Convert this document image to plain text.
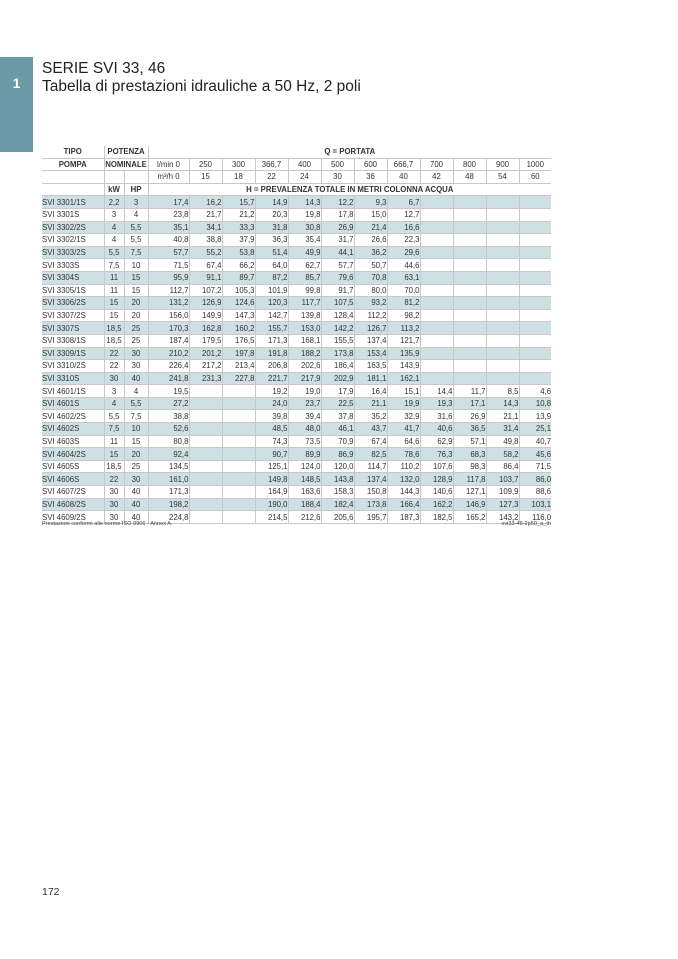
1
SERIE SVI 33, 46
Tabella di prestazioni idrauliche a 50 Hz, 2 poli
TIPO	POTENZA		Q = PORTATA											
POMPA	NOMINALE		l/min 0	250	300	366,7	400	500	600	666,7	700	800	900	1000
			m³/h 0	15	18	22	24	30	36	40	42	48	54	60
	kW	HP	H = PREVALENZA TOTALE IN METRI COLONNA ACQUA											
SVI 3301/1S	2,2	3	17,4	16,2	15,7	14,9	14,3	12,2	9,3	6,7				
SVI 3301S	3	4	23,8	21,7	21,2	20,3	19,8	17,8	15,0	12,7				
SVI 3302/2S	4	5,5	35,1	34,1	33,3	31,8	30,8	26,9	21,4	16,6				
SVI 3302/1S	4	5,5	40,8	38,8	37,9	36,3	35,4	31,7	26,6	22,3				
SVI 3303/2S	5,5	7,5	57,7	55,2	53,8	51,4	49,9	44,1	36,2	29,6				
SVI 3303S	7,5	10	71,5	67,4	66,2	64,0	62,7	57,7	50,7	44,6				
SVI 3304S	11	15	95,9	91,1	89,7	87,2	85,7	79,6	70,8	63,1				
SVI 3305/1S	11	15	112,7	107,2	105,3	101,9	99,8	91,7	80,0	70,0				
SVI 3306/2S	15	20	131,2	126,9	124,6	120,3	117,7	107,5	93,2	81,2				
SVI 3307/2S	15	20	156,0	149,9	147,3	142,7	139,8	128,4	112,2	98,2				
SVI 3307S	18,5	25	170,3	162,8	160,2	155,7	153,0	142,2	126,7	113,2				
SVI 3308/1S	18,5	25	187,4	179,5	176,5	171,3	168,1	155,5	137,4	121,7				
SVI 3309/1S	22	30	210,2	201,2	197,8	191,8	188,2	173,8	153,4	135,9				
SVI 3310/2S	22	30	226,4	217,2	213,4	206,8	202,6	186,4	163,5	143,9				
SVI 3310S	30	40	241,8	231,3	227,8	221,7	217,9	202,9	181,1	162,1				
SVI 4601/1S	3	4	19,5			19,2	19,0	17,9	16,4	15,1	14,4	11,7	8,5	4,6
SVI 4601S	4	5,5	27,2			24,0	23,7	22,5	21,1	19,9	19,3	17,1	14,3	10,8
SVI 4602/2S	5,5	7,5	38,8			39,8	39,4	37,8	35,2	32,9	31,6	26,9	21,1	13,9
SVI 4602S	7,5	10	52,6			48,5	48,0	46,1	43,7	41,7	40,6	36,5	31,4	25,1
SVI 4603S	11	15	80,8			74,3	73,5	70,9	67,4	64,6	62,9	57,1	49,8	40,7
SVI 4604/2S	15	20	92,4			90,7	89,9	86,9	82,5	78,6	76,3	68,3	58,2	45,6
SVI 4605S	18,5	25	134,5			125,1	124,0	120,0	114,7	110,2	107,6	98,3	86,4	71,5
SVI 4606S	22	30	161,0			149,8	148,5	143,8	137,4	132,0	128,9	117,8	103,7	86,0
SVI 4607/2S	30	40	171,3			164,9	163,6	158,3	150,8	144,3	140,6	127,1	109,9	88,6
SVI 4608/2S	30	40	198,2			190,0	188,4	182,4	173,8	166,4	162,2	146,9	127,3	103,1
SVI 4609/2S	30	40	224,8			214,5	212,6	205,6	195,7	187,3	182,5	165,2	143,2	116,0
Prestazioni conformi alle norme ISO 9906 - Annex A.	svi33-46-2p50_a_th
172
